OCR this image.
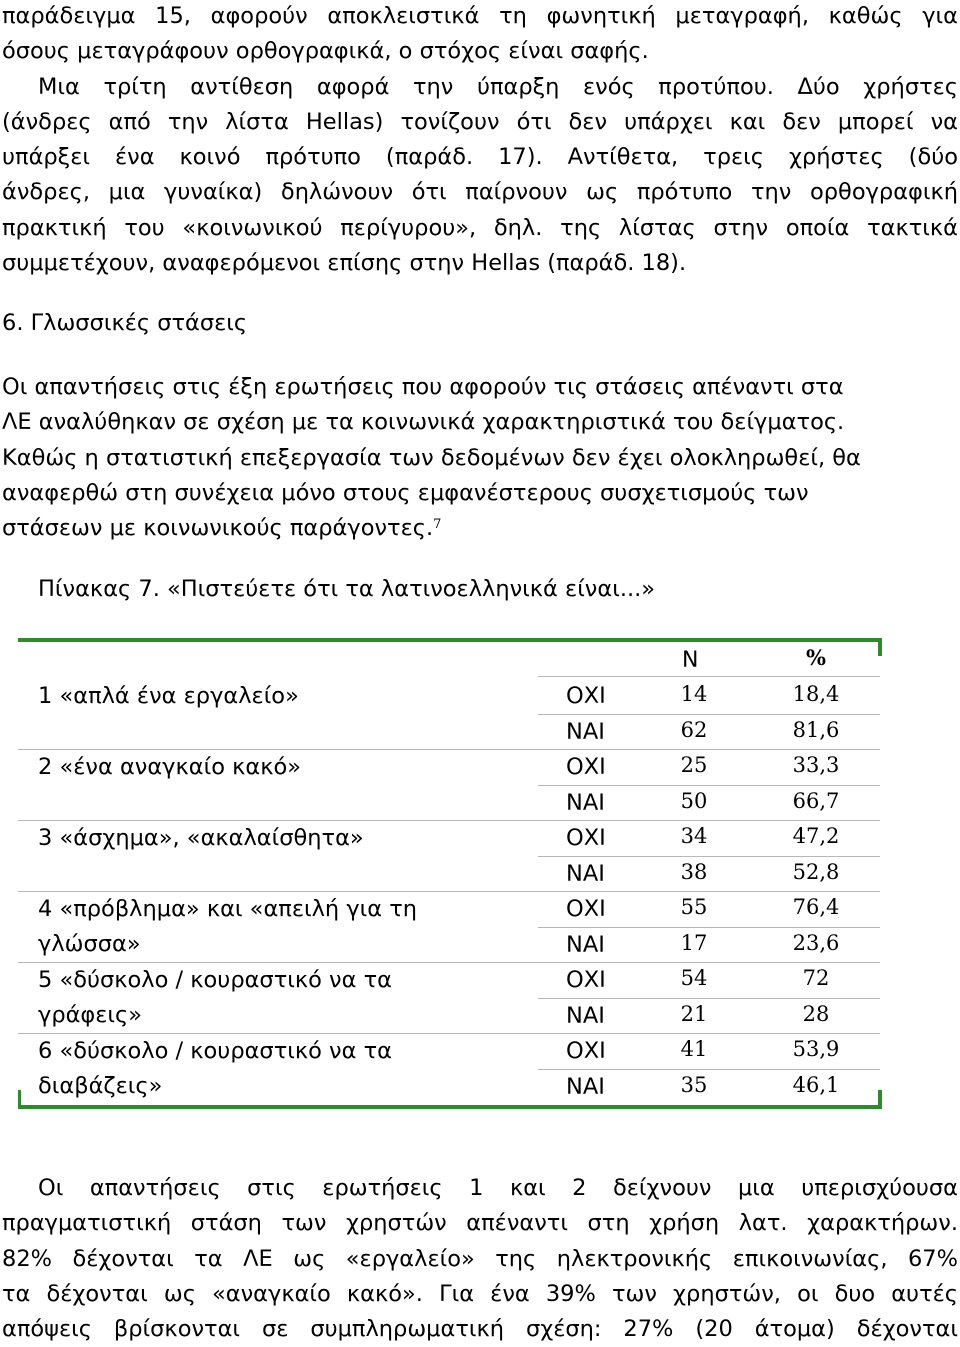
παράδειγμα 15, αφορούν αποκλειστικά τη φωνητική μεταγραφή, καθώς για
όσους μεταγράφουν ορθογραφικά, ο στόχος είναι σαφής.
Μια τρίτη αντίθεση αφορά την ύπαρξη ενός προτύπου. Δύο χρήστες
(άνδρες από την λίστα Hellas) τονίζουν ότι δεν υπάρχει και δεν μπορεί να
υπάρξει ένα κοινό πρότυπο (παράδ. 17). Αντίθετα, τρεις χρήστες (δύο
άνδρες, μια γυναίκα) δηλώνουν ότι παίρνουν ως πρότυπο την ορθογραφική
πρακτική του «κοινωνικού περίγυρου», δηλ. της λίστας στην οποία τακτικά
συμμετέχουν, αναφερόμενοι επίσης στην Hellas (παράδ. 18).
6. Γλωσσικές στάσεις
Οι απαντήσεις στις έξη ερωτήσεις που αφορούν τις στάσεις απέναντι στα
ΛΕ αναλύθηκαν σε σχέση με τα κοινωνικά χαρακτηριστικά του δείγματος.
Καθώς η στατιστική επεξεργασία των δεδομένων δεν έχει ολοκληρωθεί, θα
αναφερθώ στη συνέχεια μόνο στους εμφανέστερους συσχετισμούς των
στάσεων με κοινωνικούς παράγοντες.$^7$
Πίνακας 7. «Πιστεύετε ότι τα λατινοελληνικά είναι...»
Ν	%
1 «απλά ένα εργαλείο»	ΟΧΙ	14	18,4
ΝΑΙ	62	81,6
2 «ένα αναγκαίο κακό»	ΟΧΙ	25	33,3
ΝΑΙ	50	66,7
3 «άσχημα», «ακαλαίσθητα»	ΟΧΙ	34	47,2
ΝΑΙ	38	52,8
4 «πρόβλημα» και «απειλή για τη
γλώσσα»
ΟΧΙ	55	76,4
ΝΑΙ	17	23,6
5 «δύσκολο / κουραστικό να τα
γράφεις»
ΟΧΙ	54	72
ΝΑΙ	21	28
6 «δύσκολο / κουραστικό να τα
διαβάζεις»
ΟΧΙ	41	53,9
ΝΑΙ	35	46,1
Οι απαντήσεις στις ερωτήσεις 1 και 2 δείχνουν μια υπερισχύουσα
πραγματιστική στάση των χρηστών απέναντι στη χρήση λατ. χαρακτήρων.
82% δέχονται τα ΛΕ ως «εργαλείο» της ηλεκτρονικής επικοινωνίας, 67%
τα δέχονται ως «αναγκαίο κακό». Για ένα 39% των χρηστών, οι δυο αυτές
απόψεις βρίσκονται σε συμπληρωματική σχέση: 27% (20 άτομα) δέχονται
